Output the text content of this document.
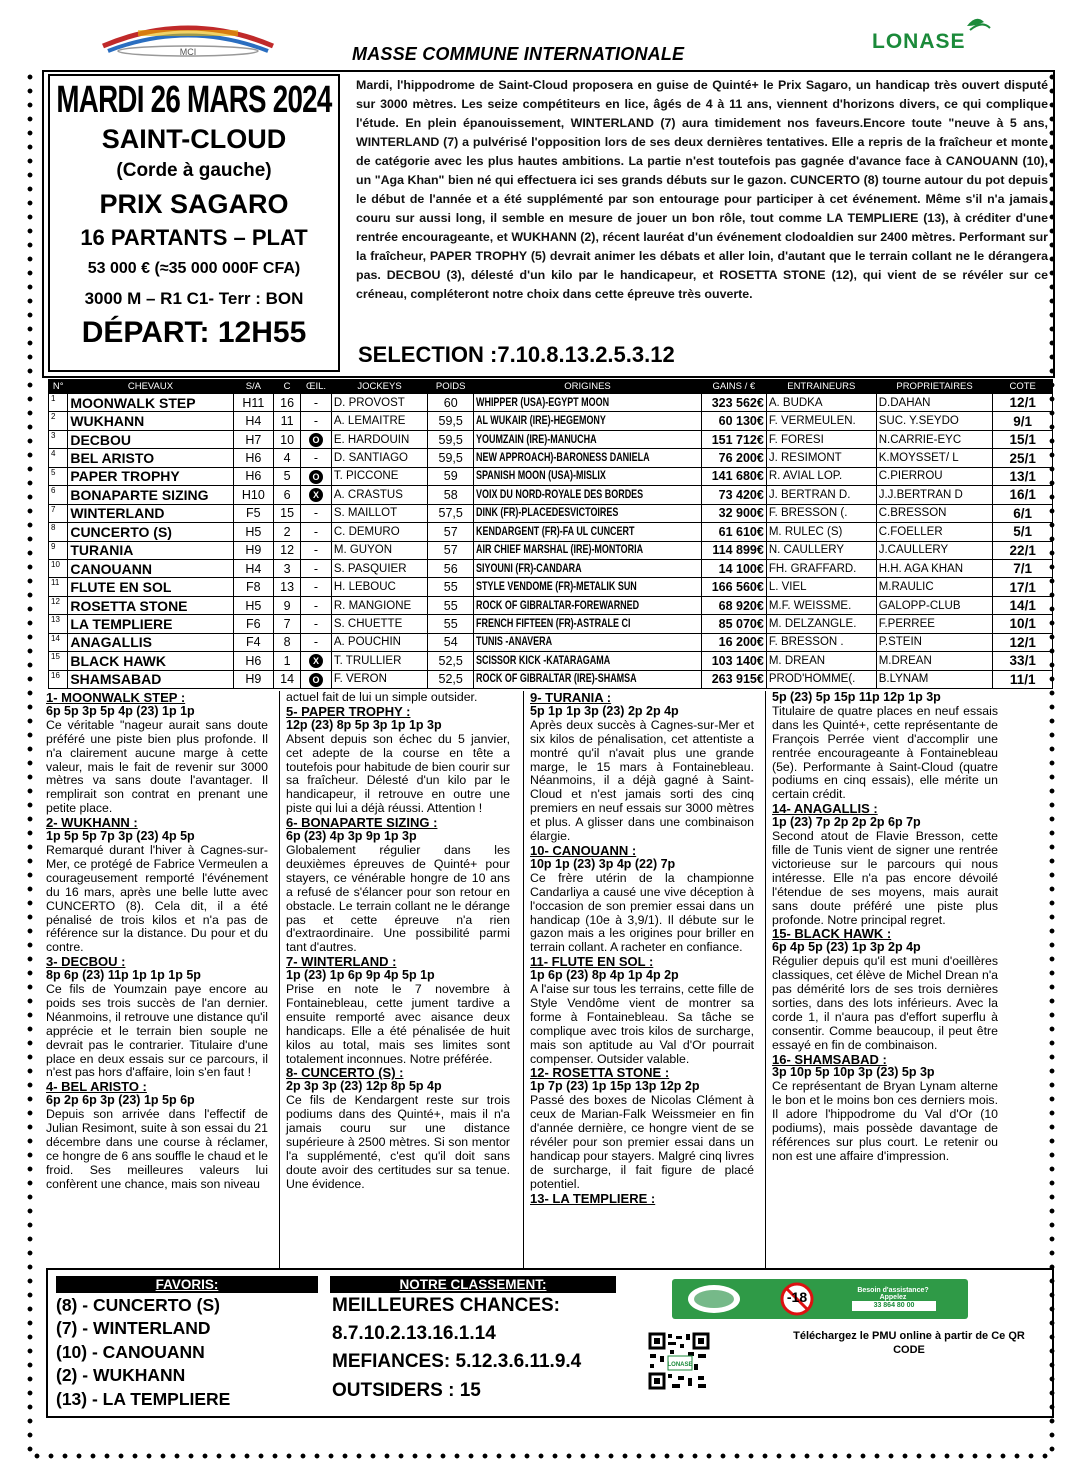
MCI	LONASE
MASSE COMMUNE INTERNATIONALE
MARDI 26 MARS 2024
SAINT-CLOUD
(Corde à gauche)
PRIX SAGARO
16 PARTANTS – PLAT
53 000 € (≈35 000 000F CFA)
3000 M – R1 C1- Terr : BON
DÉPART: 12H55
Mardi, l'hippodrome de Saint-Cloud proposera en guise de Quinté+ le Prix Sagaro, un handicap très ouvert disputé sur 3000 mètres. Les seize compétiteurs en lice, âgés de 4 à 11 ans, viennent d'horizons divers, ce qui complique l'étude. En plein épanouissement, WINTERLAND (7) aura timidement nos faveurs.Encore toute "neuve à 5 ans, WINTERLAND (7) a pulvérisé l'opposition lors de ses deux dernières tentatives. Elle a repris de la fraîcheur et monte de catégorie avec les plus hautes ambitions. La partie n'est toutefois pas gagnée d'avance face à CANOUANN (10), un "Aga Khan" bien né qui effectuera ici ses grands débuts sur le gazon. CUNCERTO (8) tourne autour du pot depuis le début de l'année et a été supplémenté par son entourage pour participer à cet événement. Même s'il n'a jamais couru sur aussi long, il semble en mesure de jouer un bon rôle, tout comme LA TEMPLIERE (13), à créditer d'une rentrée encourageante, et WUKHANN (2), récent lauréat d'un événement clodoaldien sur 2400 mètres. Performant sur la fraîcheur, PAPER TROPHY (5) devrait animer les débats et aller loin, d'autant que le terrain collant ne le dérangera pas. DECBOU (3), délesté d'un kilo par le handicapeur, et ROSETTA STONE (12), qui vient de se révéler sur ce créneau, compléteront notre choix dans cette épreuve très ouverte.
SELECTION :7.10.8.13.2.5.3.12
N°	CHEVAUX	S/A	C	ŒIL.	JOCKEYS	POIDS	ORIGINES	GAINS / €	ENTRAINEURS	PROPRIETAIRES	COTE
1	MOONWALK STEP	H11	16	-	D. PROVOST	60	WHIPPER (USA)-EGYPT MOON	323 562€	A. BUDKA	D.DAHAN	12/1
2	WUKHANN	H4	11	-	A. LEMAITRE	59,5	AL WUKAIR (IRE)-HEGEMONY	60 130€	F. VERMEULEN.	SUC. Y.SEYDO	9/1
3	DECBOU	H7	10	O	E. HARDOUIN	59,5	YOUMZAIN (IRE)-MANUCHA	151 712€	F. FORESI	N.CARRIE-EYC	15/1
4	BEL ARISTO	H6	4	-	D. SANTIAGO	59,5	NEW APPROACH)-BARONESS DANIELA	76 200€	J. RESIMONT	K.MOYSSET/ L	25/1
5	PAPER TROPHY	H6	5	O	T. PICCONE	59	SPANISH MOON (USA)-MISLIX	141 680€	R. AVIAL LOP.	C.PIERROU	13/1
6	BONAPARTE SIZING	H10	6	X	A. CRASTUS	58	VOIX DU NORD-ROYALE DES BORDES	73 420€	J. BERTRAN D.	J.J.BERTRAN D	16/1
7	WINTERLAND	F5	15	-	S. MAILLOT	57,5	DINK (FR)-PLACEDESVICTOIRES	32 900€	F. BRESSON (.	C.BRESSON	6/1
8	CUNCERTO (S)	H5	2	-	C. DEMURO	57	KENDARGENT (FR)-FA UL CUNCERT	61 610€	M. RULEC (S)	C.FOELLER	5/1
9	TURANIA	H9	12	-	M. GUYON	57	AIR CHIEF MARSHAL (IRE)-MONTORIA	114 899€	N. CAULLERY	J.CAULLERY	22/1
10	CANOUANN	H4	3	-	S. PASQUIER	56	SIYOUNI (FR)-CANDARA	14 100€	FH. GRAFFARD.	H.H. AGA KHAN	7/1
11	FLUTE EN SOL	F8	13	-	H. LEBOUC	55	STYLE VENDOME (FR)-METALIK SUN	166 560€	L. VIEL	M.RAULIC	17/1
12	ROSETTA STONE	H5	9	-	R. MANGIONE	55	ROCK OF GIBRALTAR-FOREWARNED	68 920€	M.F. WEISSME.	GALOPP-CLUB	14/1
13	LA TEMPLIERE	F6	7	-	S. CHUETTE	55	FRENCH FIFTEEN (FR)-ASTRALE CI	85 070€	M. DELZANGLE.	F.PERREE	10/1
14	ANAGALLIS	F4	8	-	A. POUCHIN	54	TUNIS -ANAVERA	16 200€	F. BRESSON .	P.STEIN	12/1
15	BLACK HAWK	H6	1	X	T. TRULLIER	52,5	SCISSOR KICK -KATARAGAMA	103 140€	M. DREAN	M.DREAN	33/1
16	SHAMSABAD	H9	14	O	F. VERON	52,5	ROCK OF GIBRALTAR (IRE)-SHAMSA	263 915€	PROD'HOMME(.	B.LYNAM	11/1
1- MOONWALK STEP :
6p 5p 3p 5p 4p (23) 1p 1p
Ce véritable "nageur aurait sans doute préféré une piste bien plus profonde. Il n'a clairement aucune marge à cette valeur, mais le fait de revenir sur 3000 mètres va sans doute l'avantager. Il remplirait son contrat en prenant une petite place.
2- WUKHANN :
1p 5p 5p 7p 3p (23) 4p 5p
Remarqué durant l'hiver à Cagnes-sur-Mer, ce protégé de Fabrice Vermeulen a courageusement remporté l'événement du 16 mars, après une belle lutte avec CUNCERTO (8). Cela dit, il a été pénalisé de trois kilos et n'a pas de référence sur la distance. Du pour et du contre.
3- DECBOU :
8p 6p (23) 11p 1p 1p 1p 5p
Ce fils de Youmzain paye encore au poids ses trois succès de l'an dernier. Néanmoins, il retrouve une distance qu'il apprécie et le terrain bien souple ne devrait pas le contrarier. Titulaire d'une place en deux essais sur ce parcours, il n'est pas hors d'affaire, loin s'en faut !
4- BEL ARISTO :
6p 2p 6p 3p (23) 1p 5p 6p
Depuis son arrivée dans l'effectif de Julian Resimont, suite à son essai du 21 décembre dans une course à réclamer, ce hongre de 6 ans souffle le chaud et le froid. Ses meilleures valeurs lui confèrent une chance, mais son niveau
actuel fait de lui un simple outsider.
5- PAPER TROPHY :
12p (23) 8p 5p 3p 1p 1p 3p
Absent depuis son échec du 5 janvier, cet adepte de la course en tête a toutefois pour habitude de bien courir sur sa fraîcheur. Délesté d'un kilo par le handicapeur, il retrouve en outre une piste qui lui a déjà réussi. Attention !
6- BONAPARTE SIZING :
6p (23) 4p 3p 9p 1p 3p
Globalement régulier dans les deuxièmes épreuves de Quinté+ pour stayers, ce vénérable hongre de 10 ans a refusé de s'élancer pour son retour en obstacle. Le terrain collant ne le dérange pas et cette épreuve n'a rien d'extraordinaire. Une possibilité parmi tant d'autres.
7- WINTERLAND :
1p (23) 1p 6p 9p 4p 5p 1p
Prise en note le 7 novembre à Fontainebleau, cette jument tardive a ensuite remporté avec aisance deux handicaps. Elle a été pénalisée de huit kilos au total, mais ses limites sont totalement inconnues. Notre préférée.
8- CUNCERTO (S) :
2p 3p 3p (23) 12p 8p 5p 4p
Ce fils de Kendargent reste sur trois podiums dans des Quinté+, mais il n'a jamais couru sur une distance supérieure à 2500 mètres. Si son mentor l'a supplémenté, c'est qu'il doit sans doute avoir des certitudes sur sa tenue. Une évidence.
9- TURANIA :
5p 1p 1p 3p (23) 2p 2p 4p
Après deux succès à Cagnes-sur-Mer et six kilos de pénalisation, cet attentiste a montré qu'il n'avait plus une grande marge, le 15 mars à Fontainebleau. Néanmoins, il a déjà gagné à Saint-Cloud et n'est jamais sorti des cinq premiers en neuf essais sur 3000 mètres et plus. A glisser dans une combinaison élargie.
10- CANOUANN :
10p 1p (23) 3p 4p (22) 7p
Ce frère utérin de la championne Candarliya a causé une vive déception à l'occasion de son premier essai dans un handicap (10e à 3,9/1). Il débute sur le gazon mais a les origines pour briller en terrain collant. A racheter en confiance.
11- FLUTE EN SOL :
1p 6p (23) 8p 4p 1p 4p 2p
A l'aise sur tous les terrains, cette fille de Style Vendôme vient de montrer sa forme à Fontainebleau. Sa tâche se complique avec trois kilos de surcharge, mais son aptitude au Val d'Or pourrait compenser. Outsider valable.
12- ROSETTA STONE :
1p 7p (23) 1p 15p 13p 12p 2p
Passé des boxes de Nicolas Clément à ceux de Marian-Falk Weissmeier en fin d'année dernière, ce hongre vient de se révéler pour son premier essai dans un handicap pour stayers. Malgré cinq livres de surcharge, il fait figure de placé potentiel.
13- LA TEMPLIERE :
5p (23) 5p 15p 11p 12p 1p 3p
Titulaire de quatre places en neuf essais dans les Quinté+, cette représentante de François Perrée vient d'accomplir une rentrée encourageante à Fontainebleau (5e). Performante à Saint-Cloud (quatre podiums en cinq essais), elle mérite un certain crédit.
14- ANAGALLIS :
1p (23) 7p 2p 2p 2p 6p 7p
Second atout de Flavie Bresson, cette fille de Tunis vient de signer une rentrée victorieuse sur le parcours qui nous intéresse. Elle n'a pas encore dévoilé l'étendue de ses moyens, mais aurait sans doute préféré une piste plus profonde. Notre principal regret.
15- BLACK HAWK :
6p 4p 5p (23) 1p 3p 2p 4p
Régulier depuis qu'il est muni d'oeillères classiques, cet élève de Michel Drean n'a pas démérité lors de ses trois dernières sorties, dans des lots inférieurs. Avec la corde 1, il n'aura pas d'effort superflu à consentir. Comme beaucoup, il peut être essayé en fin de combinaison.
16- SHAMSABAD :
3p 10p 5p 10p 3p (23) 5p 3p
Ce représentant de Bryan Lynam alterne le bon et le moins bon ces derniers mois. Il adore l'hippodrome du Val d'Or (10 podiums), mais possède davantage de références sur plus court. Le retenir ou non est une affaire d'impression.
FAVORIS:
(8) - CUNCERTO (S)
(7) - WINTERLAND
(10) - CANOUANN
(2) - WUKHANN
(13) - LA TEMPLIERE
NOTRE CLASSEMENT:
MEILLEURES CHANCES:
8.7.10.2.13.16.1.14
MEFIANCES: 5.12.3.6.11.9.4
OUTSIDERS : 15
-18	Besoin d'assistance? Appelez
33 864 80 00
LONASE
Téléchargez le PMU online à partir de Ce QR CODE
